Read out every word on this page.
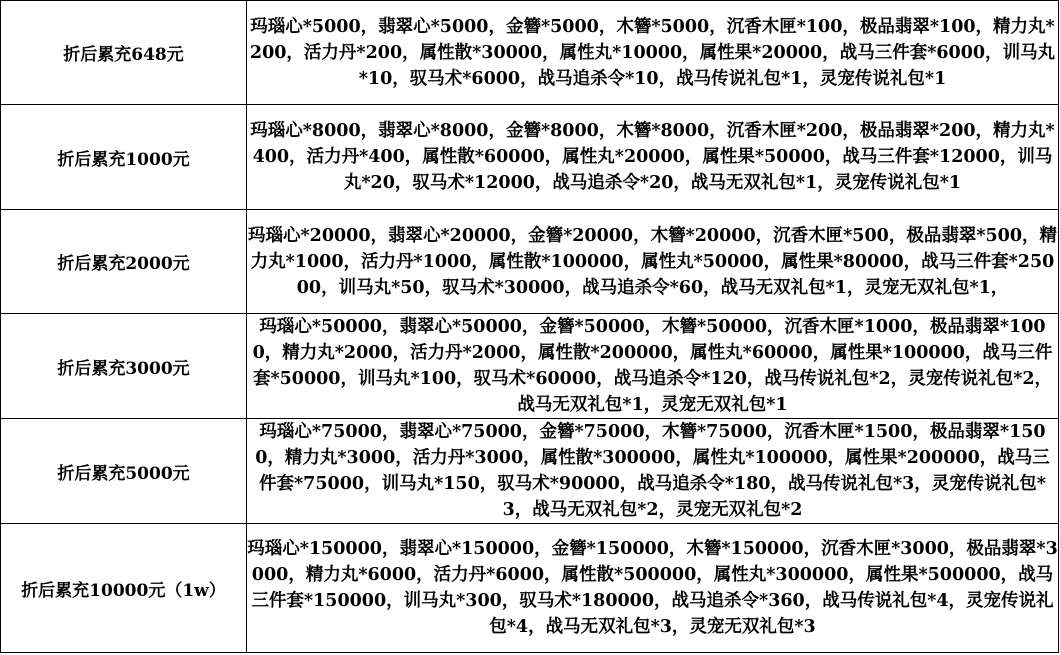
折后累充648元	玛瑙心*5000，翡翠心*5000，金簪*5000，木簪*5000，沉香木匣*100，极品翡翠*100，精力丸*200，活力丹*200，属性散*30000，属性丸*10000，属性果*20000，战马三件套*6000，训马丸*10，驭马术*6000，战马追杀令*10，战马传说礼包*1，灵宠传说礼包*1
折后累充1000元	玛瑙心*8000，翡翠心*8000，金簪*8000，木簪*8000，沉香木匣*200，极品翡翠*200，精力丸*400，活力丹*400，属性散*60000，属性丸*20000，属性果*50000，战马三件套*12000，训马丸*20，驭马术*12000，战马追杀令*20，战马无双礼包*1，灵宠传说礼包*1
折后累充2000元	玛瑙心*20000，翡翠心*20000，金簪*20000，木簪*20000，沉香木匣*500，极品翡翠*500，精力丸*1000，活力丹*1000，属性散*100000，属性丸*50000，属性果*80000，战马三件套*25000，训马丸*50，驭马术*30000，战马追杀令*60，战马无双礼包*1，灵宠无双礼包*1，
折后累充3000元	玛瑙心*50000，翡翠心*50000，金簪*50000，木簪*50000，沉香木匣*1000，极品翡翠*1000，精力丸*2000，活力丹*2000，属性散*200000，属性丸*60000，属性果*100000，战马三件套*50000，训马丸*100，驭马术*60000，战马追杀令*120，战马传说礼包*2，灵宠传说礼包*2，战马无双礼包*1，灵宠无双礼包*1
折后累充5000元	玛瑙心*75000，翡翠心*75000，金簪*75000，木簪*75000，沉香木匣*1500，极品翡翠*1500，精力丸*3000，活力丹*3000，属性散*300000，属性丸*100000，属性果*200000，战马三件套*75000，训马丸*150，驭马术*90000，战马追杀令*180，战马传说礼包*3，灵宠传说礼包*3，战马无双礼包*2，灵宠无双礼包*2
折后累充10000元（1w）	玛瑙心*150000，翡翠心*150000，金簪*150000，木簪*150000，沉香木匣*3000，极品翡翠*3000，精力丸*6000，活力丹*6000，属性散*500000，属性丸*300000，属性果*500000，战马三件套*150000，训马丸*300，驭马术*180000，战马追杀令*360，战马传说礼包*4，灵宠传说礼包*4，战马无双礼包*3，灵宠无双礼包*3
